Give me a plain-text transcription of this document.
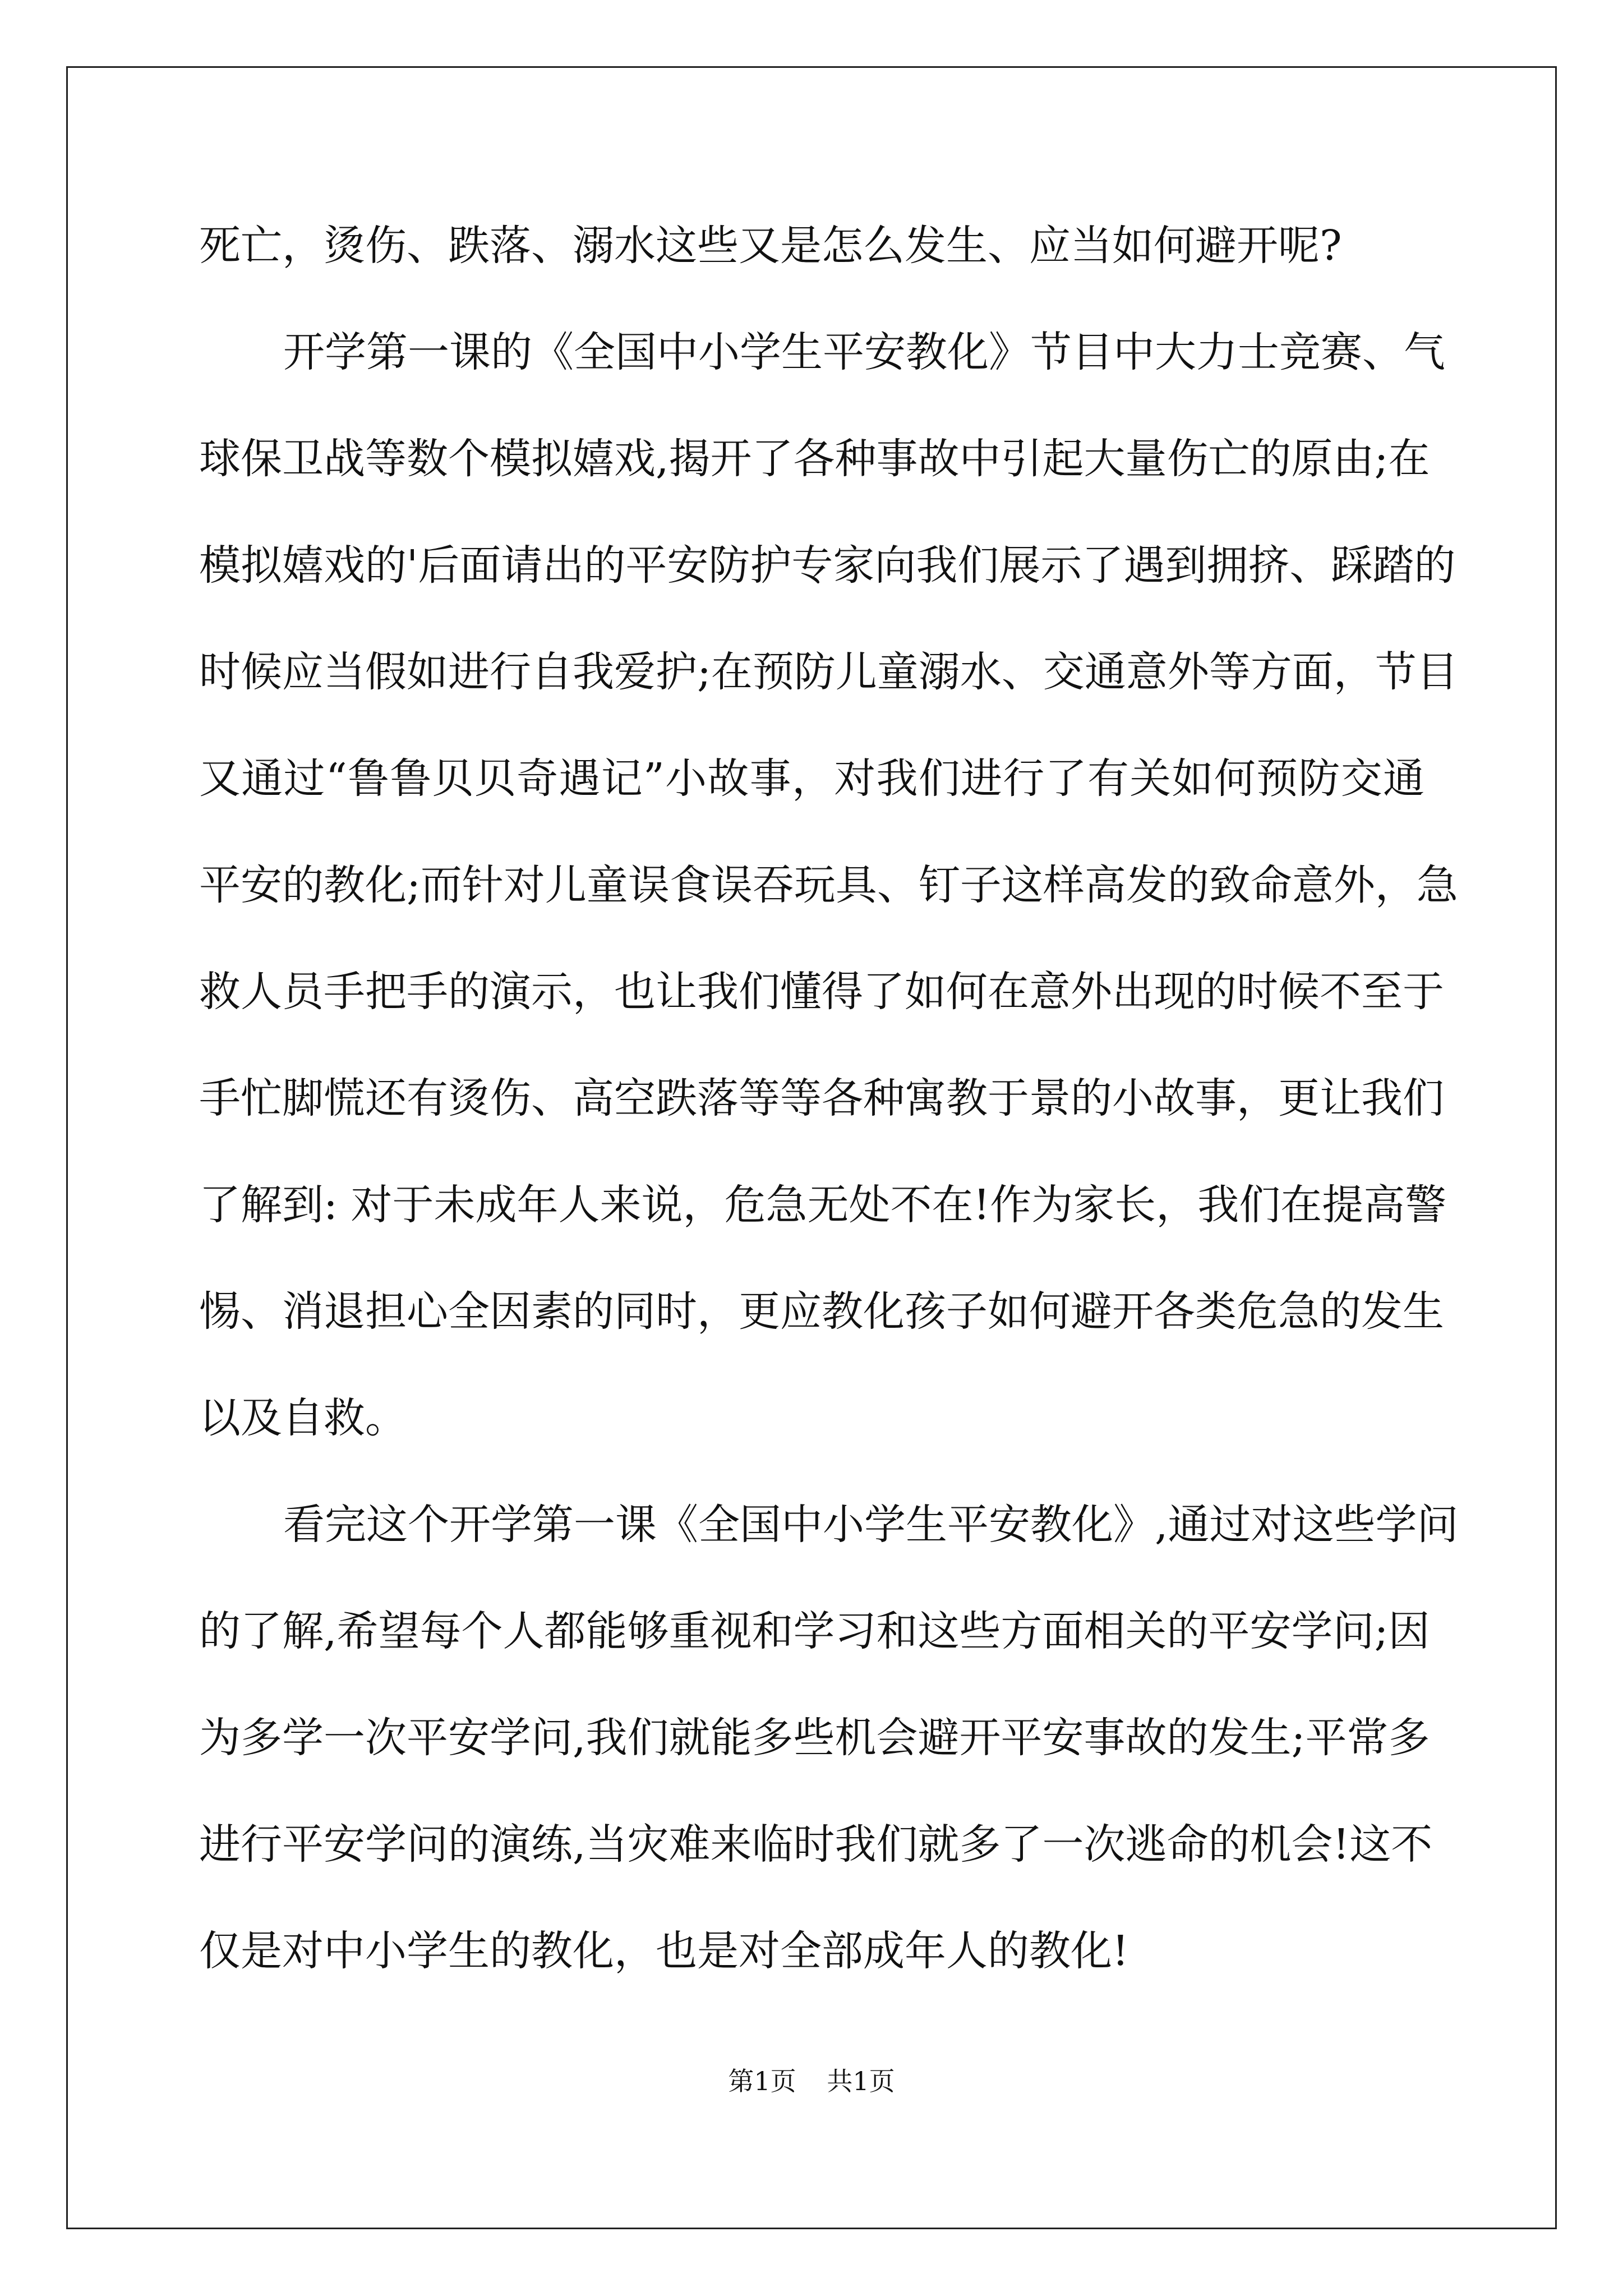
死亡，烫伤、跌落、溺水这些又是怎么发生、应当如何避开呢?
开学第一课的《全国中小学生平安教化》节目中大力士竞赛、气
球保卫战等数个模拟嬉戏,揭开了各种事故中引起大量伤亡的原由;在
模拟嬉戏的'后面请出的平安防护专家向我们展示了遇到拥挤、踩踏的
时候应当假如进行自我爱护;在预防儿童溺水、交通意外等方面，节目
又通过“鲁鲁贝贝奇遇记”小故事，对我们进行了有关如何预防交通
平安的教化;而针对儿童误食误吞玩具、钉子这样高发的致命意外，急
救人员手把手的演示，也让我们懂得了如何在意外出现的时候不至于
手忙脚慌还有烫伤、高空跌落等等各种寓教于景的小故事，更让我们
了解到: 对于未成年人来说，危急无处不在!作为家长，我们在提高警
惕、消退担心全因素的同时，更应教化孩子如何避开各类危急的发生
以及自救。
看完这个开学第一课《全国中小学生平安教化》,通过对这些学问
的了解,希望每个人都能够重视和学习和这些方面相关的平安学问;因
为多学一次平安学问,我们就能多些机会避开平安事故的发生;平常多
进行平安学问的演练,当灾难来临时我们就多了一次逃命的机会!这不
仅是对中小学生的教化，也是对全部成年人的教化!
第1页 共1页
